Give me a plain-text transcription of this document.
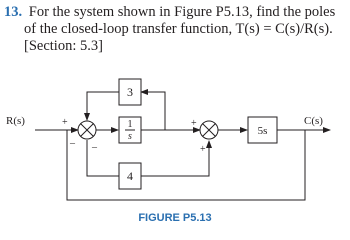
13. For the system shown in Figure P5.13, find the poles
of the closed-loop transfer function, T(s) = C(s)/R(s).
[Section: 5.3]
3
1
s
4
5s
R(s)	C(s)
+
– –
+
+
FIGURE P5.13
